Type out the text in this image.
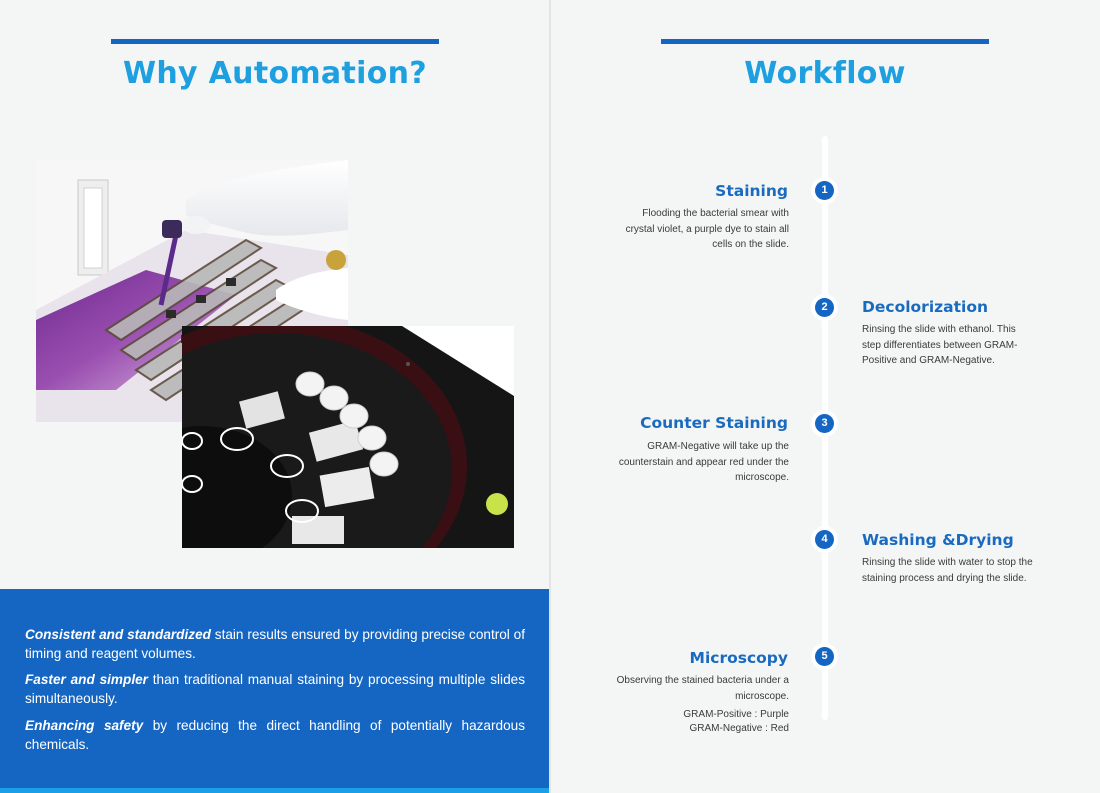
Why Automation?
Consistent and standardized stain results ensured by providing precise control of timing and reagent volumes.
Faster and simpler than traditional manual staining by processing multiple slides simultaneously.
Enhancing safety by reducing the direct handling of potentially hazardous chemicals.
Workflow
1
Staining
Flooding the bacterial smear with crystal violet, a purple dye to stain all cells on the slide.
2	Decolorization
Rinsing the slide with ethanol. This step differentiates between GRAM-Positive and GRAM-Negative.
3
Counter Staining
GRAM-Negative will take up the counterstain and appear red under the microscope.
4	Washing &Drying
Rinsing the slide with water to stop the staining process and drying the slide.
5
Microscopy
Observing the stained bacteria under a microscope.
GRAM-Positive : Purple
GRAM-Negative : Red
